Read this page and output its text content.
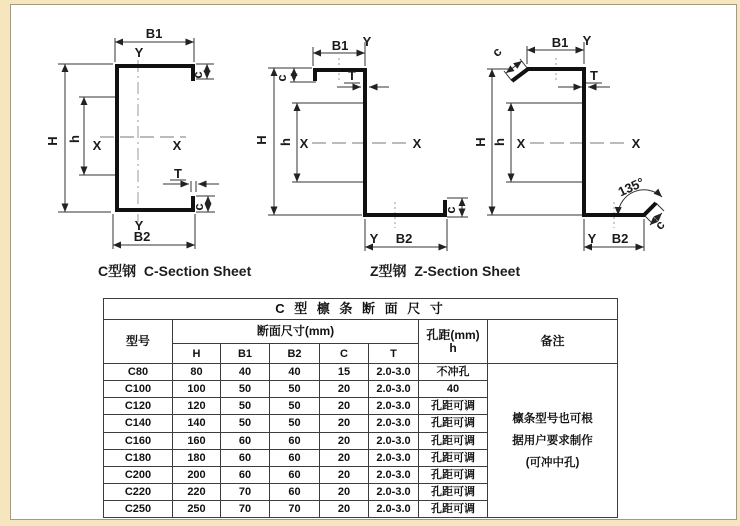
B1
Y
c
H h X	X
T
c
Y
B2
B1 Y
c
H h X	X
T
c
Y B2
B1 Y
c
H h X	X
T
135°
c
Y B2
C型钢  C-Section Sheet	Z型钢  Z-Section Sheet
C 型 檩 条 断 面 尺 寸							
型号	断面尺寸(mm)					孔距(mm)
h	备注
	H	B1	B2	C	T		
C80	80	40	40	15	2.0-3.0	不冲孔	檩条型号也可根
据用户要求制作
(可冲中孔)

C100	100	50	50	20	2.0-3.0	40	
C120	120	50	50	20	2.0-3.0	孔距可调	
C140	140	50	50	20	2.0-3.0	孔距可调	
C160	160	60	60	20	2.0-3.0	孔距可调	
C180	180	60	60	20	2.0-3.0	孔距可调	
C200	200	60	60	20	2.0-3.0	孔距可调	
C220	220	70	60	20	2.0-3.0	孔距可调	
C250	250	70	70	20	2.0-3.0	孔距可调	
